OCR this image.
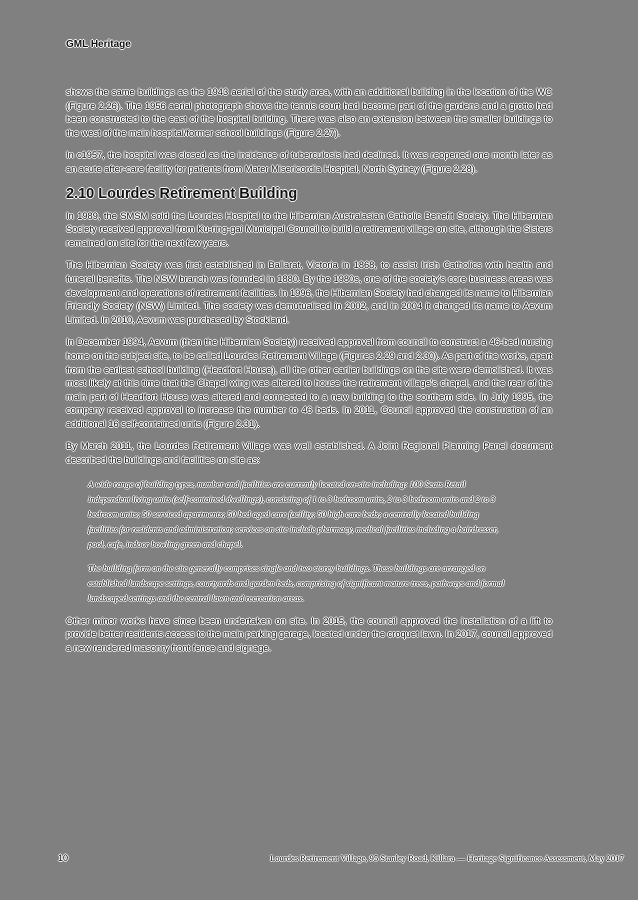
GML Heritage

shows the same buildings as the 1943 aerial of the study area, with an additional building in the location of the WC (Figure 2.26). The 1956 aerial photograph shows the tennis court had become part of the gardens and a grotto had been constructed to the east of the hospital building. There was also an extension between the smaller buildings to the west of the main hospital/former school buildings (Figure 2.27).

In c1957, the hospital was closed as the incidence of tuberculosis had declined. It was reopened one month later as an acute after-care facility for patients from Mater Misericordia Hospital, North Sydney (Figure 2.28).

2.10 Lourdes Retirement Building

In 1989, the SMSM sold the Lourdes Hospital to the Hibernian Australasian Catholic Benefit Society. The Hibernian Society received approval from Ku-ring-gai Municipal Council to build a retirement village on site, although the Sisters remained on site for the next few years.

The Hibernian Society was first established in Ballarat, Victoria in 1868, to assist Irish Catholics with health and funeral benefits. The NSW branch was founded in 1880. By the 1980s, one of the society's core business areas was development and operations of retirement facilities. In 1996, the Hibernian Society had changed its name to Hibernian Friendly Society (NSW) Limited. The society was demutualised in 2002, and in 2004 it changed its name to Aevum Limited. In 2010, Aevum was purchased by Stockland.

In December 1994, Aevum (then the Hibernian Society) received approval from council to construct a 46-bed nursing home on the subject site, to be called Lourdes Retirement Village (Figures 2.29 and 2.30). As part of the works, apart from the earliest school building (Headfort House), all the other earlier buildings on the site were demolished. It was most likely at this time that the Chapel wing was altered to house the retirement village's chapel, and the rear of the main part of Headfort House was altered and connected to a new building to the southern side. In July 1995, the company received approval to increase the number to 46 beds. In 2011, Council approved the construction of an additional 16 self-contained units (Figure 2.31).

By March 2011, the Lourdes Retirement Village was well established. A Joint Regional Planning Panel document described the buildings and facilities on site as:

A wide range of building types, number and facilities are currently located on-site including: 100 Seats Retail independent living units (self-contained dwellings), consisting of 1 to 3 bedroom units, 2 to 3 bedroom units and 2 to 3 bedroom units; 50 serviced apartments; 50 bed aged care facility; 50 high care beds; a centrally located building facilities for residents and administration; services on site include pharmacy, medical facilities including a hairdresser, pool, cafe, indoor bowling green and chapel.
The building form on the site generally comprises single and two storey buildings. These buildings are arranged on established landscape settings, courtyards and garden beds, comprising of significant mature trees, pathways and formal landscaped settings and the central lawn and recreation areas.

Other minor works have since been undertaken on site. In 2015, the council approved the installation of a lift to provide better residents access to the main parking garage, located under the croquet lawn. In 2017, council approved a new rendered masonry front fence and signage.

10	Lourdes Retirement Village, 95 Stanley Road, Killara — Heritage Significance Assessment, May 2017
